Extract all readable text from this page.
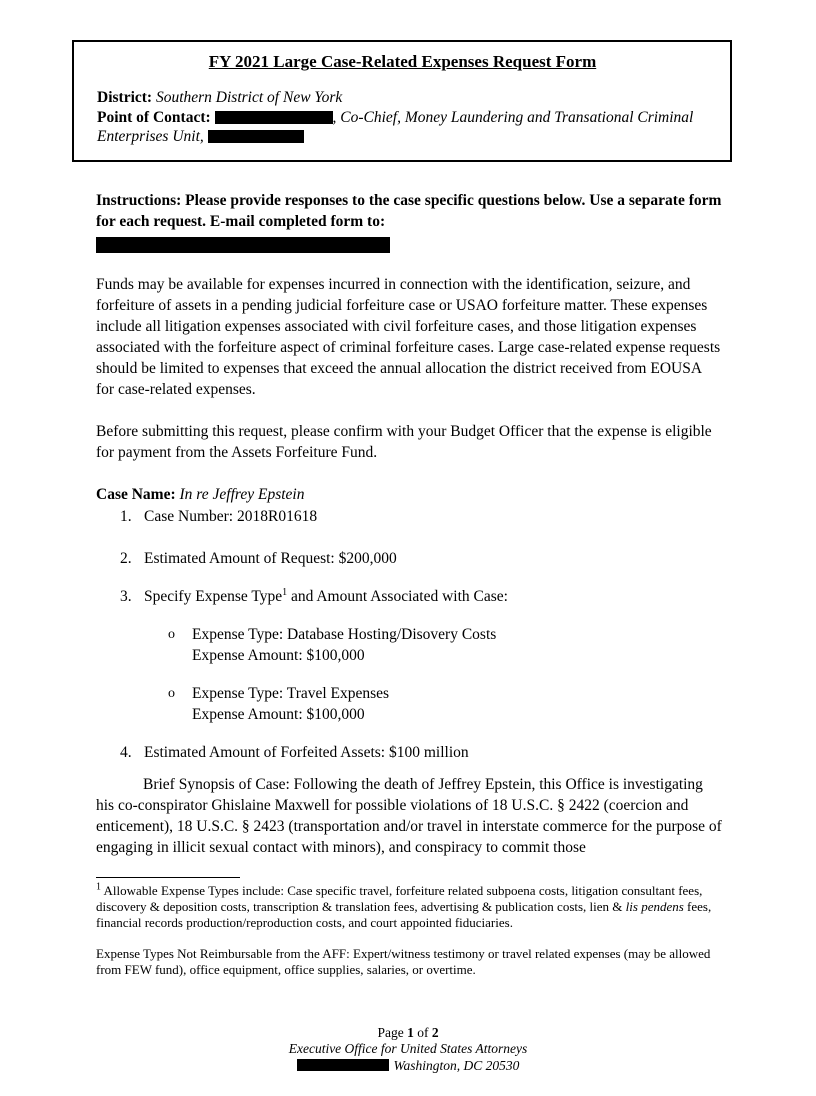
FY 2021 Large Case-Related Expenses Request Form
District: Southern District of New York
Point of Contact:	, Co-Chief, Money Laundering and Transational Criminal Enterprises Unit,
Instructions: Please provide responses to the case specific questions below. Use a separate form for each request. E-mail completed form to:
Funds may be available for expenses incurred in connection with the identification, seizure, and forfeiture of assets in a pending judicial forfeiture case or USAO forfeiture matter. These expenses include all litigation expenses associated with civil forfeiture cases, and those litigation expenses associated with the forfeiture aspect of criminal forfeiture cases. Large case-related expense requests should be limited to expenses that exceed the annual allocation the district received from EOUSA for case-related expenses.
Before submitting this request, please confirm with your Budget Officer that the expense is eligible for payment from the Assets Forfeiture Fund.
Case Name: In re Jeffrey Epstein
1. Case Number: 2018R01618
2. Estimated Amount of Request: $200,000
3. Specify Expense Type$^1$ and Amount Associated with Case:
o	Expense Type: Database Hosting/Disovery Costs
Expense Amount: $100,000
o	Expense Type: Travel Expenses
Expense Amount: $100,000
4. Estimated Amount of Forfeited Assets: $100 million
Brief Synopsis of Case: Following the death of Jeffrey Epstein, this Office is investigating his co-conspirator Ghislaine Maxwell for possible violations of 18 U.S.C. § 2422 (coercion and enticement), 18 U.S.C. § 2423 (transportation and/or travel in interstate commerce for the purpose of engaging in illicit sexual contact with minors), and conspiracy to commit those
$^1$ Allowable Expense Types include: Case specific travel, forfeiture related subpoena costs, litigation consultant fees, discovery & deposition costs, transcription & translation fees, advertising & publication costs, lien & lis pendens fees, financial records production/reproduction costs, and court appointed fiduciaries.
Expense Types Not Reimbursable from the AFF: Expert/witness testimony or travel related expenses (may be allowed from FEW fund), office equipment, office supplies, salaries, or overtime.
Page 1 of 2
Executive Office for United States Attorneys
Washington, DC 20530
